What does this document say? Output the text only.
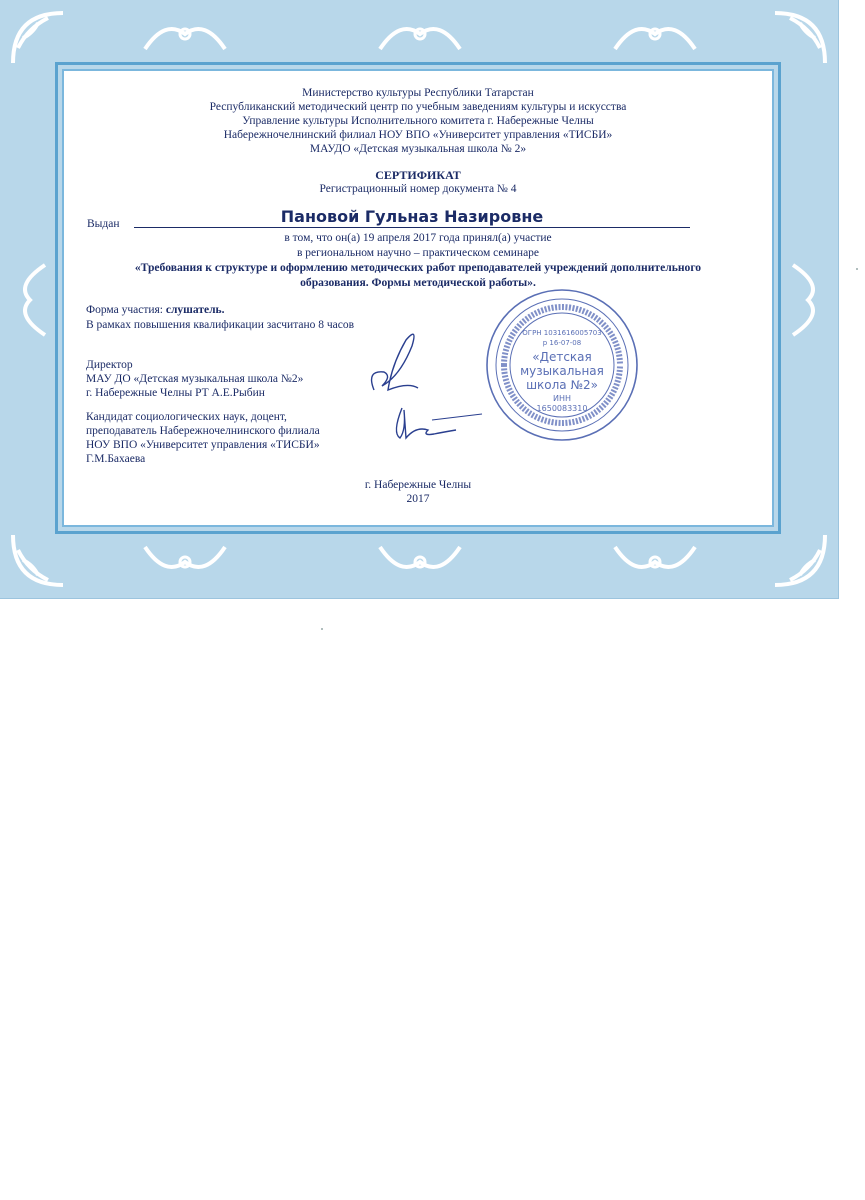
Министерство культуры Республики Татарстан
Республиканский методический центр по учебным заведениям культуры и искусства
Управление культуры Исполнительного комитета г. Набережные Челны
Набережночелнинский филиал НОУ ВПО «Университет управления «ТИСБИ»
МАУДО «Детская музыкальная школа № 2»
СЕРТИФИКАТ
Регистрационный номер документа № 4
Выдан	Пановой Гульназ Назировне
в том, что он(а) 19 апреля 2017 года принял(а) участие
в региональном научно – практическом семинаре
«Требования к структуре и оформлению методических работ преподавателей учреждений дополнительного
образования. Формы методической работы».
Форма участия: слушатель.
В рамках повышения квалификации засчитано 8 часов
Директор
МАУ ДО «Детская музыкальная школа №2»
г. Набережные Челны РТ А.Е.Рыбин
Кандидат социологических наук, доцент,
преподаватель Набережночелнинского филиала
НОУ ВПО «Университет управления «ТИСБИ»
Г.М.Бахаева
г. Набережные Челны
2017
ОГРН 1031616005703
р 16-07-08
«Детская
музыкальная
школа №2»
ИНН
1650083310
